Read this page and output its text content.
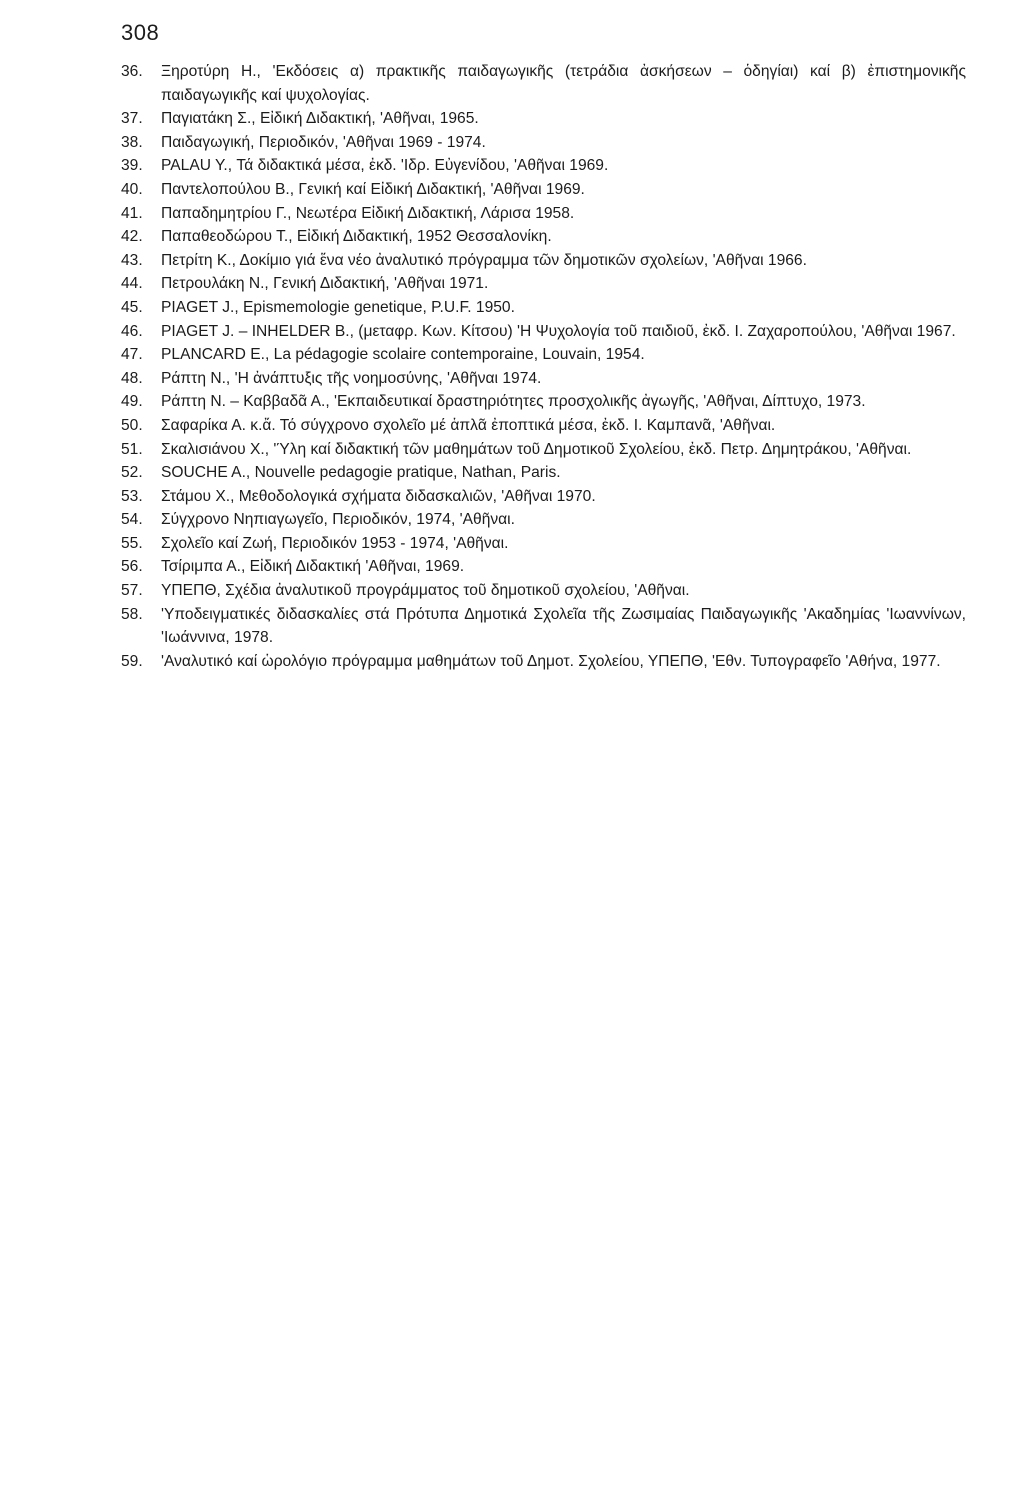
308
36.	Ξηροτύρη Η., 'Εκδόσεις α) πρακτικῆς παιδαγωγικῆς (τετράδια ἀσκήσεων – ὁδηγίαι) καί β) ἐπιστημονικῆς παιδαγωγικῆς καί ψυχολογίας.
37.	Παγιατάκη Σ., Εἰδική Διδακτική, 'Αθῆναι, 1965.
38.	Παιδαγωγική, Περιοδικόν, 'Αθῆναι 1969 - 1974.
39.	PALAU Y., Τά διδακτικά μέσα, ἐκδ. 'Ιδρ. Εὐγενίδου, 'Αθῆναι 1969.
40.	Παντελοπούλου Β., Γενική καί Εἰδική Διδακτική, 'Αθῆναι 1969.
41.	Παπαδημητρίου Γ., Νεωτέρα Εἰδική Διδακτική, Λάρισα 1958.
42.	Παπαθεοδώρου Τ., Εἰδική Διδακτική, 1952 Θεσσαλονίκη.
43.	Πετρίτη Κ., Δοκίμιο γιά ἕνα νέο ἀναλυτικό πρόγραμμα τῶν δημοτικῶν σχολείων, 'Αθῆναι 1966.
44.	Πετρουλάκη Ν., Γενική Διδακτική, 'Αθῆναι 1971.
45.	PIAGET J., Epismemologie genetique, P.U.F. 1950.
46.	PIAGET J. – INHELDER B., (μεταφρ. Κων. Κίτσου) 'Η Ψυχολογία τοῦ παιδιοῦ, ἐκδ. Ι. Ζαχαροπούλου, 'Αθῆναι 1967.
47.	PLANCARD E., La pédagogie scolaire contemporaine, Louvain, 1954.
48.	Ράπτη Ν., 'Η ἀνάπτυξις τῆς νοημοσύνης, 'Αθῆναι 1974.
49.	Ράπτη Ν. – Καββαδᾶ Α., 'Εκπαιδευτικαί δραστηριότητες προσχολικῆς ἀγωγῆς, 'Αθῆναι, Δίπτυχο, 1973.
50.	Σαφαρίκα Α. κ.ἄ. Τό σύγχρονο σχολεῖο μέ ἁπλᾶ ἐποπτικά μέσα, ἐκδ. Ι. Καμπανᾶ, 'Αθῆναι.
51.	Σκαλισιάνου Χ., 'Ύλη καί διδακτική τῶν μαθημάτων τοῦ Δημοτικοῦ Σχολείου, ἐκδ. Πετρ. Δημητράκου, 'Αθῆναι.
52.	SOUCHE A., Nouvelle pedagogie pratique, Nathan, Paris.
53.	Στάμου Χ., Μεθοδολογικά σχήματα διδασκαλιῶν, 'Αθῆναι 1970.
54.	Σύγχρονο Νηπιαγωγεῖο, Περιοδικόν, 1974, 'Αθῆναι.
55.	Σχολεῖο καί Ζωή, Περιοδικόν 1953 - 1974, 'Αθῆναι.
56.	Τσίριμπα Α., Εἰδική Διδακτική 'Αθῆναι, 1969.
57.	ΥΠΕΠΘ, Σχέδια ἀναλυτικοῦ προγράμματος τοῦ δημοτικοῦ σχολείου, 'Αθῆναι.
58.	'Υποδειγματικές διδασκαλίες στά Πρότυπα Δημοτικά Σχολεῖα τῆς Ζωσιμαίας Παιδαγωγικῆς 'Ακαδημίας 'Ιωαννίνων, 'Ιωάννινα, 1978.
59.	'Αναλυτικό καί ὡρολόγιο πρόγραμμα μαθημάτων τοῦ Δημοτ. Σχολείου, ΥΠΕΠΘ, 'Εθν. Τυπογραφεῖο 'Αθήνα, 1977.
